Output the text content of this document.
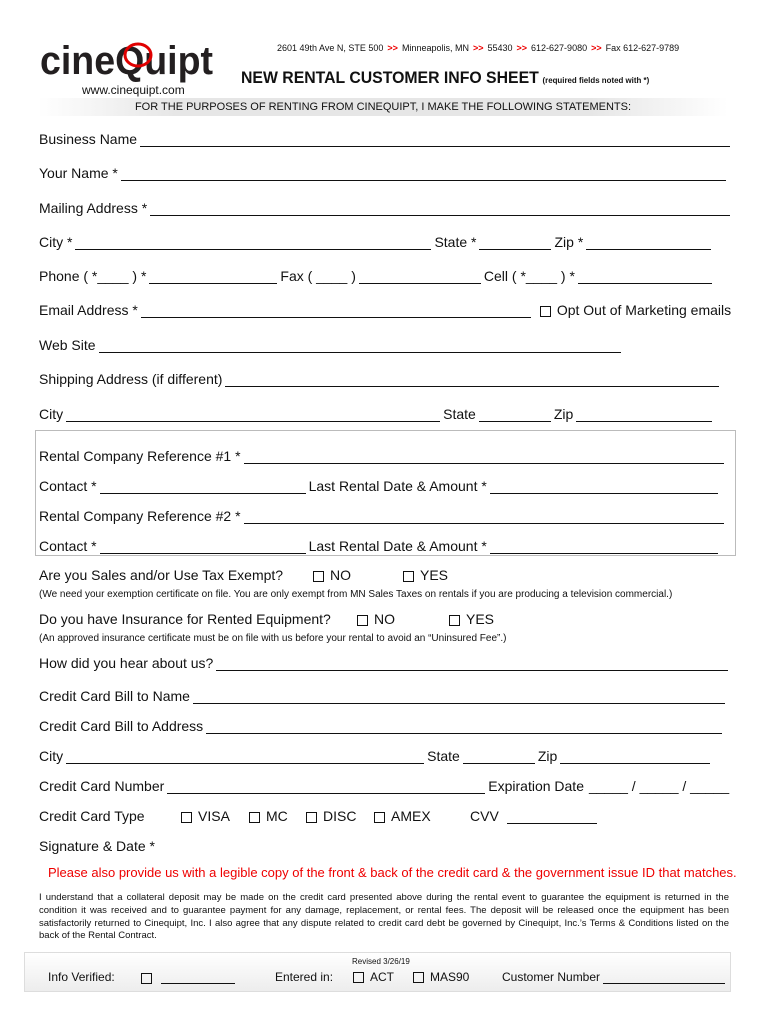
cineQuipt
www.cinequipt.com
2601 49th Ave N, STE 500 >> Minneapolis, MN >> 55430 >> 612-627-9080 >> Fax 612-627-9789
NEW RENTAL CUSTOMER INFO SHEET (required fields noted with *)
FOR THE PURPOSES OF RENTING FROM CINEQUIPT, I MAKE THE FOLLOWING STATEMENTS:
Business Name
Your Name *
Mailing Address *
City *	State *	Zip *
Phone ( *____ ) *	Fax ( ____ )	Cell ( *____ ) *
Email Address *	Opt Out of Marketing emails
Web Site
Shipping Address (if different)
City	State	Zip
Rental Company Reference #1 *
Contact *	Last Rental Date & Amount *
Rental Company Reference #2 *
Contact *	Last Rental Date & Amount *
Are you Sales and/or Use Tax Exempt?	NO	YES
(We need your exemption certificate on file. You are only exempt from MN Sales Taxes on rentals if you are producing a television commercial.)
Do you have Insurance for Rented Equipment?	NO	YES
(An approved insurance certificate must be on file with us before your rental to avoid an “Uninsured Fee”.)
How did you hear about us?
Credit Card Bill to Name
Credit Card Bill to Address
City	State	Zip
Credit Card Number	Expiration Date _____ / _____ / _____
Credit Card Type	VISA	MC	DISC	AMEX	CVV
Signature & Date *
Please also provide us with a legible copy of the front & back of the credit card & the government issue ID that matches.
I understand that a collateral deposit may be made on the credit card presented above during the rental event to guarantee the equipment is returned in the condition it was received and to guarantee payment for any damage, replacement, or rental fees. The deposit will be released once the equipment has been satisfactorily returned to Cinequipt, Inc. I also agree that any dispute related to credit card debt be governed by Cinequipt, Inc.’s Terms & Conditions listed on the back of the Rental Contract.
Revised 3/26/19
Info Verified:	Entered in:	ACT	MAS90	Customer Number
